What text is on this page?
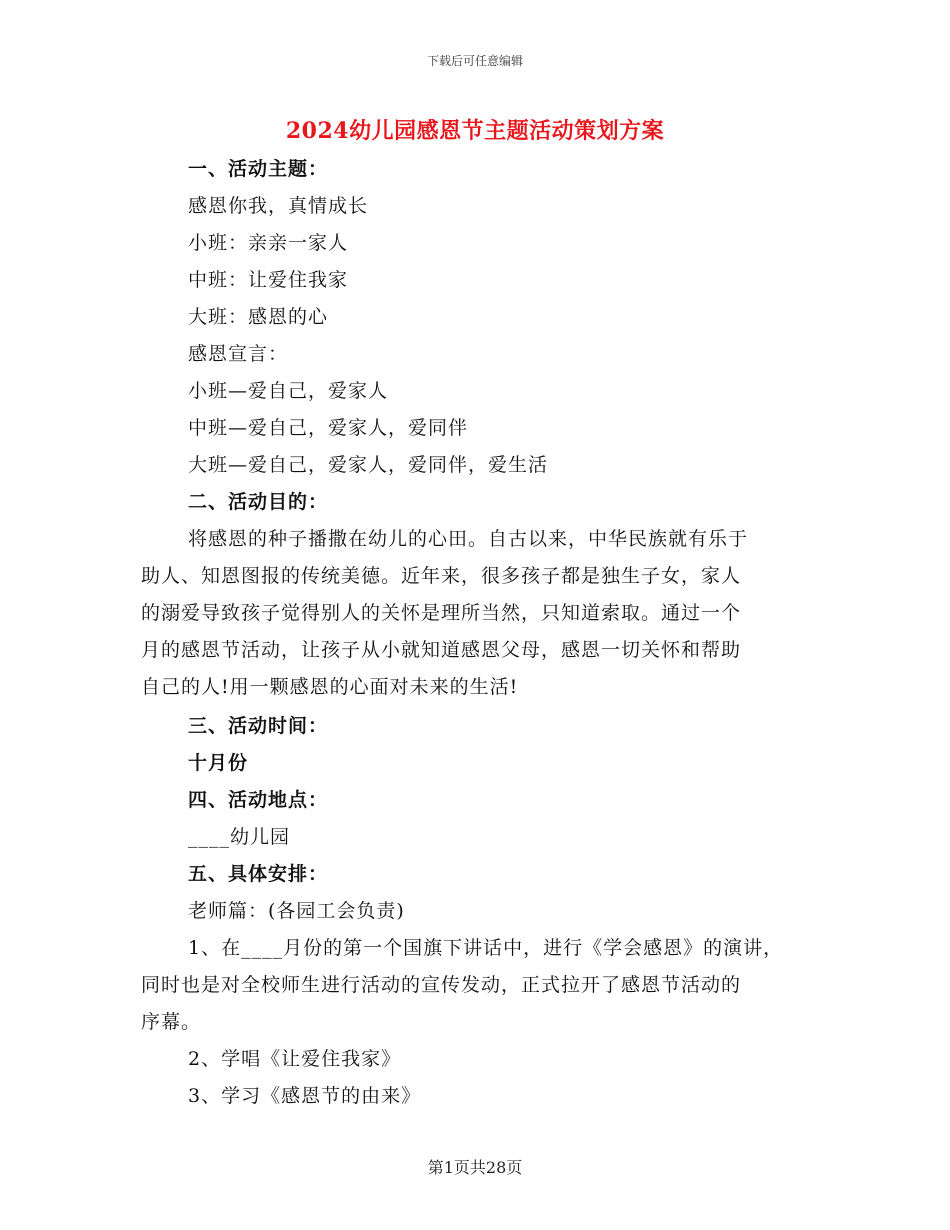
下载后可任意编辑
2024幼儿园感恩节主题活动策划方案
一、活动主题：
感恩你我，真情成长
小班：亲亲一家人
中班：让爱住我家
大班：感恩的心
感恩宣言：
小班—爱自己，爱家人
中班—爱自己，爱家人，爱同伴
大班—爱自己，爱家人，爱同伴，爱生活
二、活动目的：
将感恩的种子播撒在幼儿的心田。自古以来，中华民族就有乐于
助人、知恩图报的传统美德。近年来，很多孩子都是独生子女，家人
的溺爱导致孩子觉得别人的关怀是理所当然，只知道索取。通过一个
月的感恩节活动，让孩子从小就知道感恩父母，感恩一切关怀和帮助
自己的人!用一颗感恩的心面对未来的生活!
三、活动时间：
十月份
四、活动地点：
____幼儿园
五、具体安排：
老师篇：(各园工会负责)
1、在____月份的第一个国旗下讲话中，进行《学会感恩》的演讲，
同时也是对全校师生进行活动的宣传发动，正式拉开了感恩节活动的
序幕。
2、学唱《让爱住我家》
3、学习《感恩节的由来》
第1页共28页
